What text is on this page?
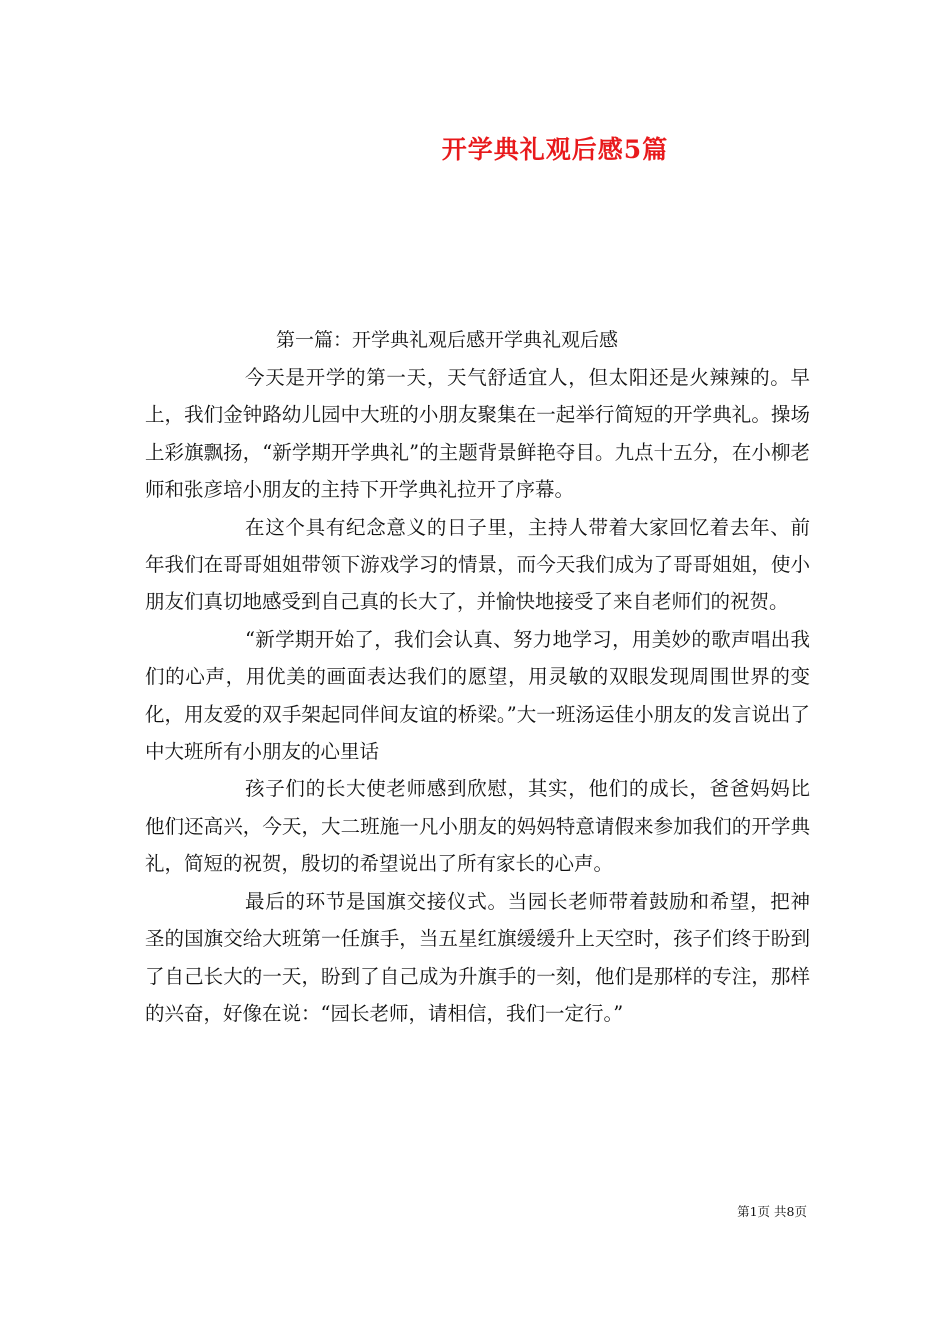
开学典礼观后感5篇
第一篇：开学典礼观后感开学典礼观后感

今天是开学的第一天，天气舒适宜人，但太阳还是火辣辣的。早上，我们金钟路幼儿园中大班的小朋友聚集在一起举行简短的开学典礼。操场上彩旗飘扬，“新学期开学典礼”的主题背景鲜艳夺目。九点十五分，在小柳老师和张彦培小朋友的主持下开学典礼拉开了序幕。

在这个具有纪念意义的日子里，主持人带着大家回忆着去年、前年我们在哥哥姐姐带领下游戏学习的情景，而今天我们成为了哥哥姐姐，使小朋友们真切地感受到自己真的长大了，并愉快地接受了来自老师们的祝贺。

“新学期开始了，我们会认真、努力地学习，用美妙的歌声唱出我们的心声，用优美的画面表达我们的愿望，用灵敏的双眼发现周围世界的变化，用友爱的双手架起同伴间友谊的桥梁。”大一班汤运佳小朋友的发言说出了中大班所有小朋友的心里话

孩子们的长大使老师感到欣慰，其实，他们的成长，爸爸妈妈比他们还高兴，今天，大二班施一凡小朋友的妈妈特意请假来参加我们的开学典礼，简短的祝贺，殷切的希望说出了所有家长的心声。

最后的环节是国旗交接仪式。当园长老师带着鼓励和希望，把神圣的国旗交给大班第一任旗手，当五星红旗缓缓升上天空时，孩子们终于盼到了自己长大的一天，盼到了自己成为升旗手的一刻，他们是那样的专注，那样的兴奋，好像在说：“园长老师，请相信，我们一定行。”

第1页 共8页
